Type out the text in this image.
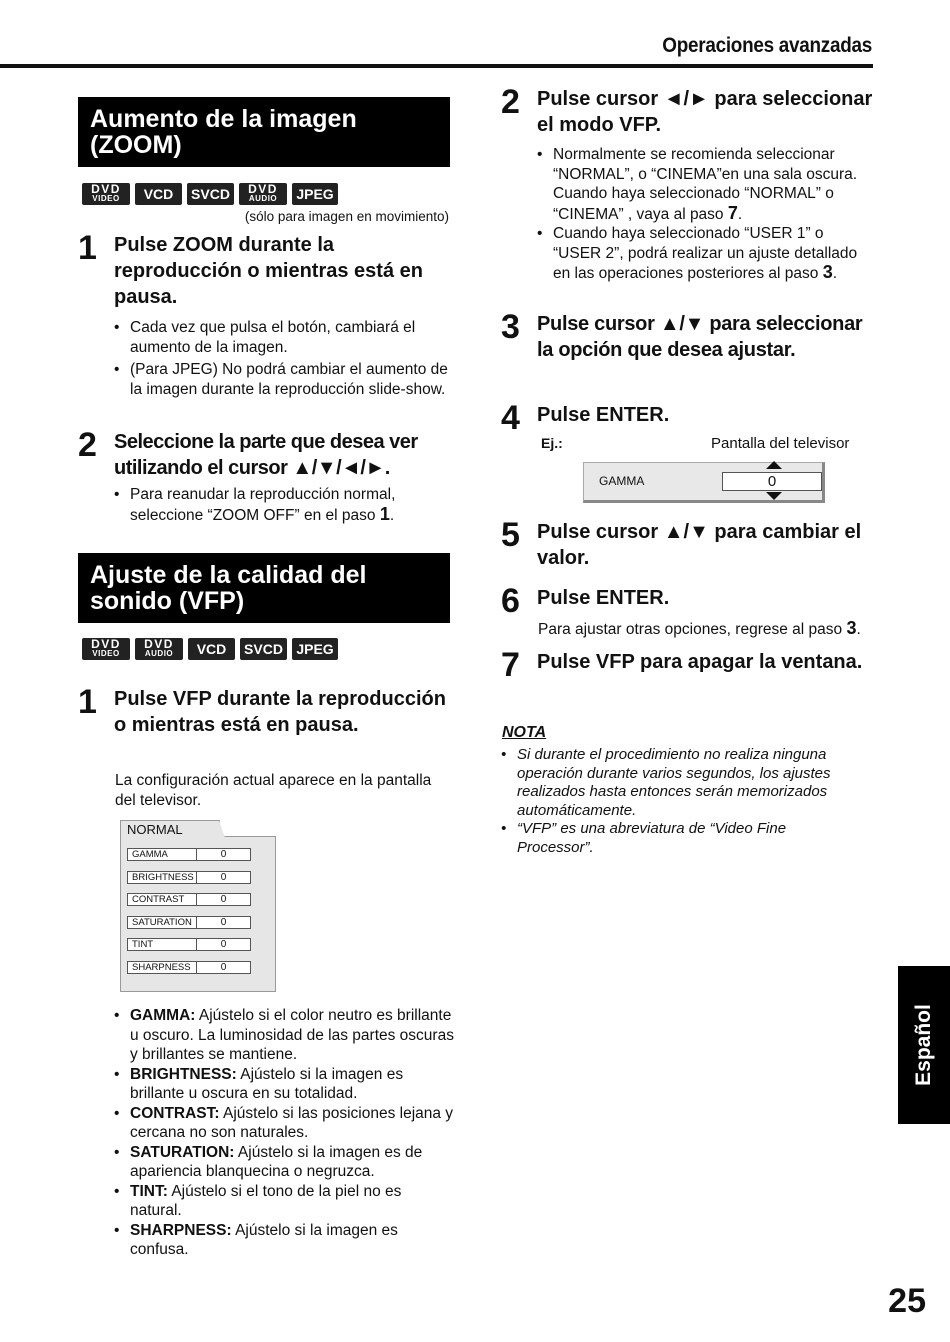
Operaciones avanzadas
Aumento de la imagen
(ZOOM)
DVD
VIDEO	VCD	SVCD	DVD
AUDIO	JPEG
(sólo para imagen en movimiento)
1 Pulse ZOOM durante la reproducción o mientras está en pausa.
• Cada vez que pulsa el botón, cambiará el aumento de la imagen.
• (Para JPEG) No podrá cambiar el aumento de la imagen durante la reproducción slide-show.
2 Seleccione la parte que desea ver utilizando el cursor ▲/▼/◄/►.
• Para reanudar la reproducción normal, seleccione “ZOOM OFF” en el paso 1.
Ajuste de la calidad del
sonido (VFP)
DVD
VIDEO
DVD
AUDIO	VCD	SVCD JPEG
1 Pulse VFP durante la reproducción o mientras está en pausa.
La configuración actual aparece en la pantalla del televisor.
NORMAL
GAMMA	0
BRIGHTNESS	0
CONTRAST	0
SATURATION	0
TINT	0
SHARPNESS	0
• GAMMA: Ajústelo si el color neutro es brillante u oscuro. La luminosidad de las partes oscuras y brillantes se mantiene.
• BRIGHTNESS: Ajústelo si la imagen es brillante u oscura en su totalidad.
• CONTRAST: Ajústelo si las posiciones lejana y cercana no son naturales.
• SATURATION: Ajústelo si la imagen es de apariencia blanquecina o negruzca.
• TINT: Ajústelo si el tono de la piel no es natural.
• SHARPNESS: Ajústelo si la imagen es confusa.
2 Pulse cursor ◄/► para seleccionar el modo VFP.
• Normalmente se recomienda seleccionar “NORMAL”, o “CINEMA”en una sala oscura. Cuando haya seleccionado “NORMAL” o “CINEMA” , vaya al paso 7.
• Cuando haya seleccionado “USER 1” o “USER 2”, podrá realizar un ajuste detallado en las operaciones posteriores al paso 3.
3 Pulse cursor ▲/▼ para seleccionar la opción que desea ajustar.
4 Pulse ENTER.
Ej.:	Pantalla del televisor
GAMMA	0
5 Pulse cursor ▲/▼ para cambiar el valor.
6 Pulse ENTER.
Para ajustar otras opciones, regrese al paso 3.
7 Pulse VFP para apagar la ventana.
NOTA
• Si durante el procedimiento no realiza ninguna operación durante varios segundos, los ajustes realizados hasta entonces serán memorizados automáticamente.
• “VFP” es una abreviatura de “Video Fine Processor”.
Español
25
